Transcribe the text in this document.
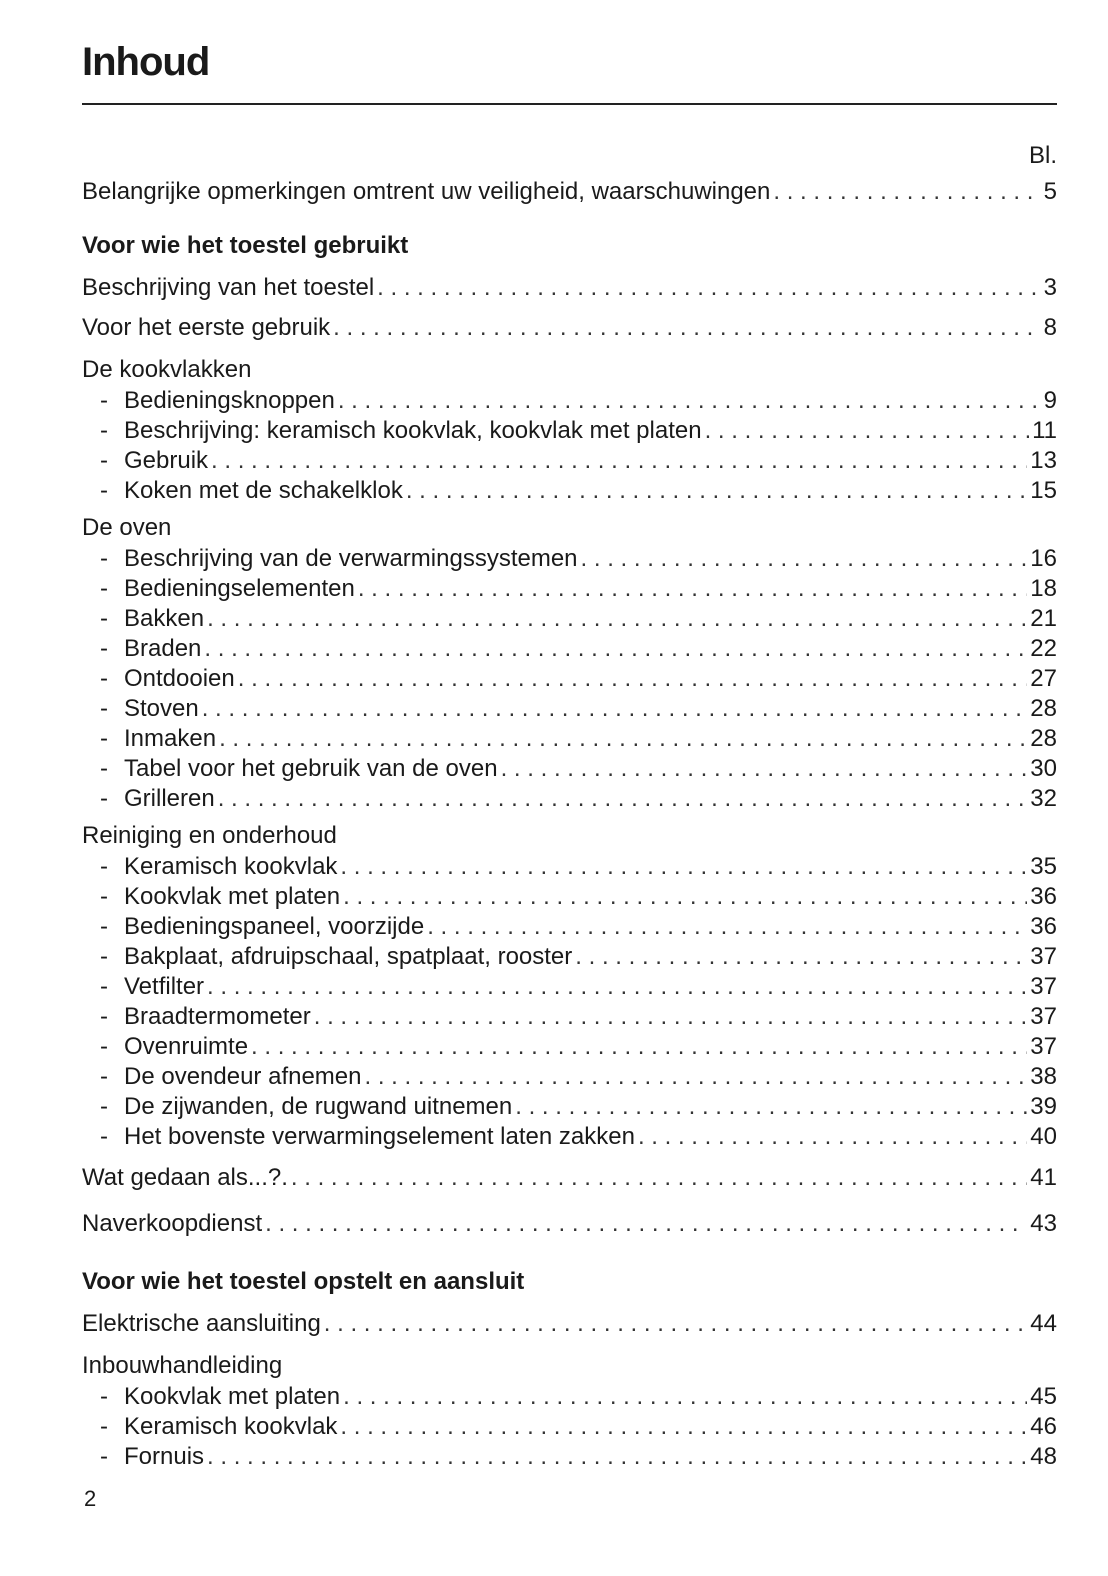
Inhoud
Bl.
Belangrijke opmerkingen omtrent uw veiligheid, waarschuwingen . . .	5
Voor wie het toestel gebruikt
Beschrijving van het toestel . . .	3
Voor het eerste gebruik . . .	8
De kookvlakken
- Bedieningsknoppen . . .	9
- Beschrijving: keramisch kookvlak, kookvlak met platen . . .	11
- Gebruik . . .	13
- Koken met de schakelklok . . .	15
De oven
- Beschrijving van de verwarmingssystemen . . .	16
- Bedieningselementen . . .	18
- Bakken . . .	21
- Braden . . .	22
- Ontdooien . . .	27
- Stoven . . .	28
- Inmaken . . .	28
- Tabel voor het gebruik van de oven . . .	30
- Grilleren . . .	32
Reiniging en onderhoud
- Keramisch kookvlak . . .	35
- Kookvlak met platen . . .	36
- Bedieningspaneel, voorzijde . . .	36
- Bakplaat, afdruipschaal, spatplaat, rooster . . .	37
- Vetfilter . . .	37
- Braadtermometer . . .	37
- Ovenruimte . . .	37
- De ovendeur afnemen . . .	38
- De zijwanden, de rugwand uitnemen . . .	39
- Het bovenste verwarmingselement laten zakken . . .	40
Wat gedaan als...?. . . .	41
Naverkoopdienst . . .	43
Voor wie het toestel opstelt en aansluit
Elektrische aansluiting . . .	44
Inbouwhandleiding
- Kookvlak met platen . . .	45
- Keramisch kookvlak . . .	46
- Fornuis . . .	48
2
